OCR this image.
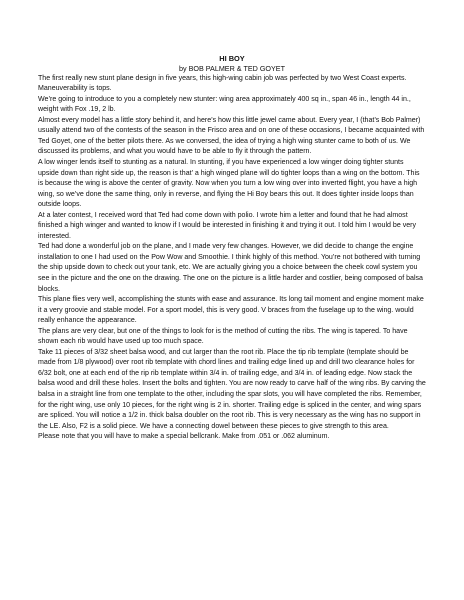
HI BOY
by BOB PALMER & TED GOYET

The first really new stunt plane design in five years, this high-wing cabin job was perfected by two West Coast experts. Maneuverability is tops.

We’re going to introduce to you a completely new stunter: wing area approximately 400 sq in., span 46 in., length 44 in., weight with Fox .19, 2 lb.

Almost every model has a little story behind it, and here’s how this little jewel came about. Every year, I (that’s Bob Palmer) usually attend two of the contests of the season in the Frisco area and on one of these occasions, I became acquainted with Ted Goyet, one of the better pilots there. As we conversed, the idea of trying a high wing stunter came to both of us. We discussed its problems, and what you would have to be able to fly it through the pattern.

A low winger lends itself to stunting as a natural. In stunting, if you have experienced a low winger doing tighter stunts upside down than right side up, the reason is that’ a high winged plane will do tighter loops than a wing on the bottom. This is because the wing is above the center of gravity. Now when you turn a low wing over into inverted flight, you have a high wing, so we’ve done the same thing, only in reverse, and flying the Hi Boy bears this out. It does tighter inside loops than outside loops.

At a later contest, I received word that Ted had come down with polio. I wrote him a letter and found that he had almost finished a high winger and wanted to know if I would be interested in finishing it and trying it out. I told him I would be very interested.

Ted had done a wonderful job on the plane, and I made very few changes. However, we did decide to change the engine installation to one I had used on the Pow Wow and Smoothie. I think highly of this method. You’re not bothered with turning the ship upside down to check out your tank, etc. We are actually giving you a choice between the cheek cowl system you see in the picture and the one on the drawing. The one on the picture is a little harder and costlier, being composed of balsa blocks.

This plane flies very well, accomplishing the stunts with ease and assurance. Its long tail moment and engine moment make it a very groovie and stable model. For a sport model, this is very good. V braces from the fuselage up to the wing. would really enhance the appearance.

The plans are very clear, but one of the things to look for is the method of cutting the ribs. The wing is tapered. To have shown each rib would have used up too much space.

Take 11 pieces of 3/32 sheet balsa wood, and cut larger than the root rib. Place the tip rib template (template should be made from 1/8 plywood) over root rib template with chord lines and trailing edge lined up and drill two clearance holes for 6/32 bolt, one at each end of the rip rib template within 3/4 in. of trailing edge, and 3/4 in. of leading edge. Now stack the balsa wood and drill these holes. Insert the bolts and tighten. You are now ready to carve half of the wing ribs. By carving the balsa in a straight line from one template to the other, including the spar slots, you will have completed the ribs. Remember, for the right wing, use only 10 pieces, for the right wing is 2 in. shorter. Trailing edge is spliced in the center, and wing spars are spliced. You will notice a 1/2 in. thick balsa doubler on the root rib. This is very necessary as the wing has no support in the LE. Also, F2 is a solid piece. We have a connecting dowel between these pieces to give strength to this area.

Please note that you will have to make a special bellcrank. Make from .051 or .062 aluminum.
